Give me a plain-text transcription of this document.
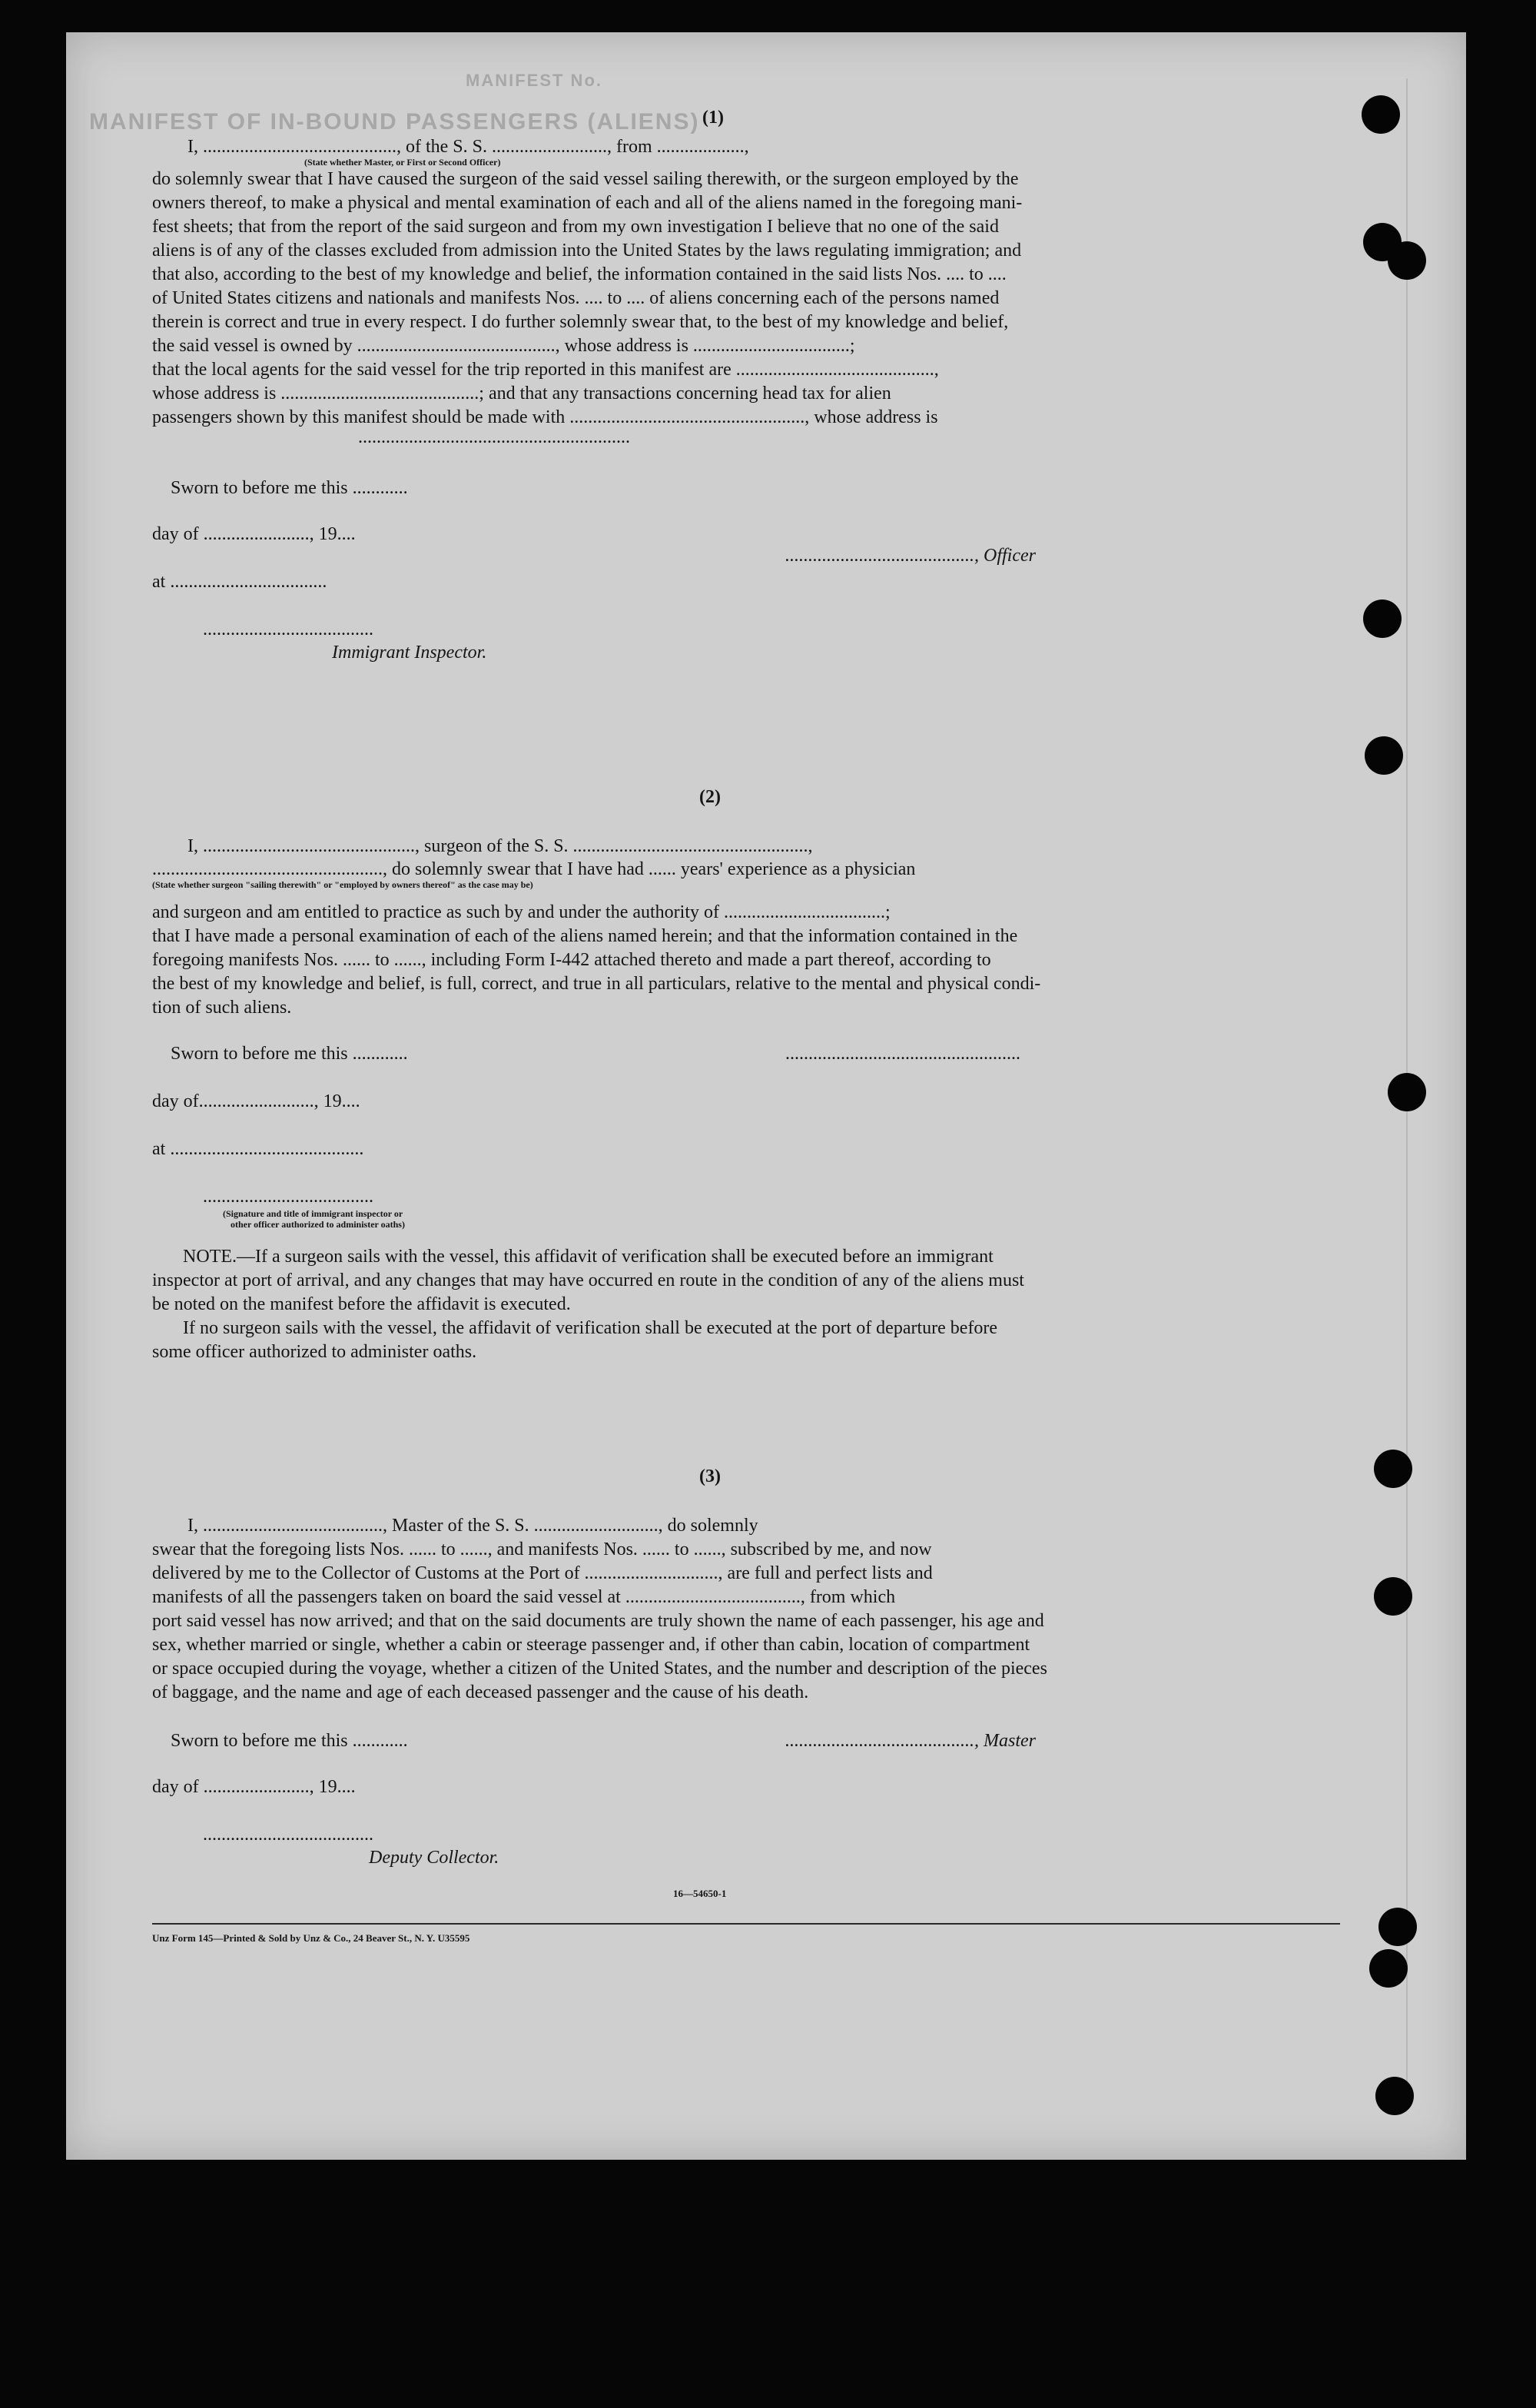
MANIFEST No.
MANIFEST OF IN-BOUND PASSENGERS (ALIENS) (1)
I, .........................................., of the S. S. ........................., from ...................,
(State whether Master, or First or Second Officer)
do solemnly swear that I have caused the surgeon of the said vessel sailing therewith, or the surgeon employed by the
owners thereof, to make a physical and mental examination of each and all of the aliens named in the foregoing mani-
fest sheets; that from the report of the said surgeon and from my own investigation I believe that no one of the said
aliens is of any of the classes excluded from admission into the United States by the laws regulating immigration; and
that also, according to the best of my knowledge and belief, the information contained in the said lists Nos. .... to ....
of United States citizens and nationals and manifests Nos. .... to .... of aliens concerning each of the persons named
therein is correct and true in every respect. I do further solemnly swear that, to the best of my knowledge and belief,
the said vessel is owned by ..........................................., whose address is ..................................;
that the local agents for the said vessel for the trip reported in this manifest are ...........................................,
whose address is ...........................................; and that any transactions concerning head tax for alien
passengers shown by this manifest should be made with ..................................................., whose address is
...........................................................
Sworn to before me this ............
day of ......................., 19....
at ..................................
.....................................
Immigrant Inspector.
........................................., Officer
(2)
I, .............................................., surgeon of the S. S. ...................................................,
.................................................., do solemnly swear that I have had ...... years' experience as a physician
(State whether surgeon "sailing therewith" or "employed by owners thereof" as the case may be)
and surgeon and am entitled to practice as such by and under the authority of ...................................;
that I have made a personal examination of each of the aliens named herein; and that the information contained in the
foregoing manifests Nos. ...... to ......, including Form I-442 attached thereto and made a part thereof, according to
the best of my knowledge and belief, is full, correct, and true in all particulars, relative to the mental and physical condi-
tion of such aliens.
Sworn to before me this ............	...................................................
day of........................., 19....
at ..........................................
.....................................
(Signature and title of immigrant inspector or
other officer authorized to administer oaths)
NOTE.—If a surgeon sails with the vessel, this affidavit of verification shall be executed before an immigrant
inspector at port of arrival, and any changes that may have occurred en route in the condition of any of the aliens must
be noted on the manifest before the affidavit is executed.
If no surgeon sails with the vessel, the affidavit of verification shall be executed at the port of departure before
some officer authorized to administer oaths.
(3)
I, ......................................., Master of the S. S. ..........................., do solemnly
swear that the foregoing lists Nos. ...... to ......, and manifests Nos. ...... to ......, subscribed by me, and now
delivered by me to the Collector of Customs at the Port of ............................., are full and perfect lists and
manifests of all the passengers taken on board the said vessel at ......................................, from which
port said vessel has now arrived; and that on the said documents are truly shown the name of each passenger, his age and
sex, whether married or single, whether a cabin or steerage passenger and, if other than cabin, location of compartment
or space occupied during the voyage, whether a citizen of the United States, and the number and description of the pieces
of baggage, and the name and age of each deceased passenger and the cause of his death.
Sworn to before me this ............	........................................., Master
day of ......................., 19....
.....................................
Deputy Collector.
16—54650-1
Unz Form 145—Printed & Sold by Unz & Co., 24 Beaver St., N. Y. U35595
